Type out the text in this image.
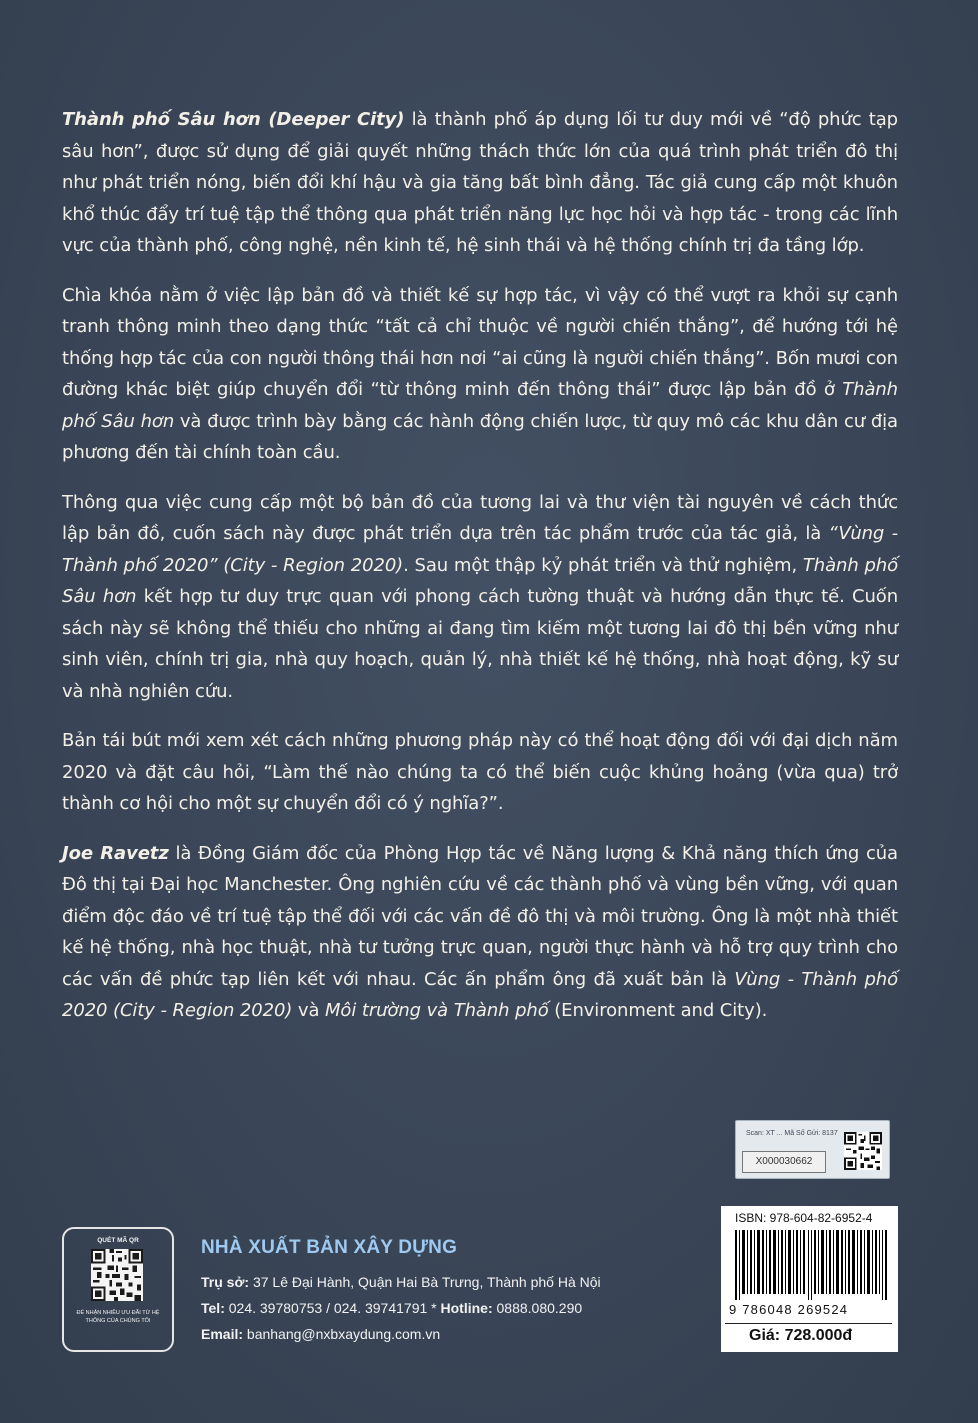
Thành phố Sâu hơn (Deeper City) là thành phố áp dụng lối tư duy mới về “độ phức tạp sâu hơn”, được sử dụng để giải quyết những thách thức lớn của quá trình phát triển đô thị như phát triển nóng, biến đổi khí hậu và gia tăng bất bình đẳng. Tác giả cung cấp một khuôn khổ thúc đẩy trí tuệ tập thể thông qua phát triển năng lực học hỏi và hợp tác - trong các lĩnh vực của thành phố, công nghệ, nền kinh tế, hệ sinh thái và hệ thống chính trị đa tầng lớp.

Chìa khóa nằm ở việc lập bản đồ và thiết kế sự hợp tác, vì vậy có thể vượt ra khỏi sự cạnh tranh thông minh theo dạng thức “tất cả chỉ thuộc về người chiến thắng”, để hướng tới hệ thống hợp tác của con người thông thái hơn nơi “ai cũng là người chiến thắng”. Bốn mươi con đường khác biệt giúp chuyển đổi “từ thông minh đến thông thái” được lập bản đồ ở Thành phố Sâu hơn và được trình bày bằng các hành động chiến lược, từ quy mô các khu dân cư địa phương đến tài chính toàn cầu.

Thông qua việc cung cấp một bộ bản đồ của tương lai và thư viện tài nguyên về cách thức lập bản đồ, cuốn sách này được phát triển dựa trên tác phẩm trước của tác giả, là “Vùng - Thành phố 2020” (City - Region 2020). Sau một thập kỷ phát triển và thử nghiệm, Thành phố Sâu hơn kết hợp tư duy trực quan với phong cách tường thuật và hướng dẫn thực tế. Cuốn sách này sẽ không thể thiếu cho những ai đang tìm kiếm một tương lai đô thị bền vững như sinh viên, chính trị gia, nhà quy hoạch, quản lý, nhà thiết kế hệ thống, nhà hoạt động, kỹ sư và nhà nghiên cứu.

Bản tái bút mới xem xét cách những phương pháp này có thể hoạt động đối với đại dịch năm 2020 và đặt câu hỏi, “Làm thế nào chúng ta có thể biến cuộc khủng hoảng (vừa qua) trở thành cơ hội cho một sự chuyển đổi có ý nghĩa?”.

Joe Ravetz là Đồng Giám đốc của Phòng Hợp tác về Năng lượng & Khả năng thích ứng của Đô thị tại Đại học Manchester. Ông nghiên cứu về các thành phố và vùng bền vững, với quan điểm độc đáo về trí tuệ tập thể đối với các vấn đề đô thị và môi trường. Ông là một nhà thiết kế hệ thống, nhà học thuật, nhà tư tưởng trực quan, người thực hành và hỗ trợ quy trình cho các vấn đề phức tạp liên kết với nhau. Các ấn phẩm ông đã xuất bản là Vùng - Thành phố 2020 (City - Region 2020) và Môi trường và Thành phố (Environment and City).

Scan: XT ... Mã Số Gửi: 8137
X000030662
ISBN: 978-604-82-6952-4
9 786048 269524
Giá: 728.000đ
QUÉT MÃ QR
ĐỂ NHẬN NHIỀU ƯU ĐÃI TỪ HỆ THỐNG CỦA CHÚNG TÔI
NHÀ XUẤT BẢN XÂY DỰNG
Trụ sở: 37 Lê Đại Hành, Quận Hai Bà Trưng, Thành phố Hà Nội
Tel: 024. 39780753 / 024. 39741791 * Hotline: 0888.080.290
Email: banhang@nxbxaydung.com.vn
